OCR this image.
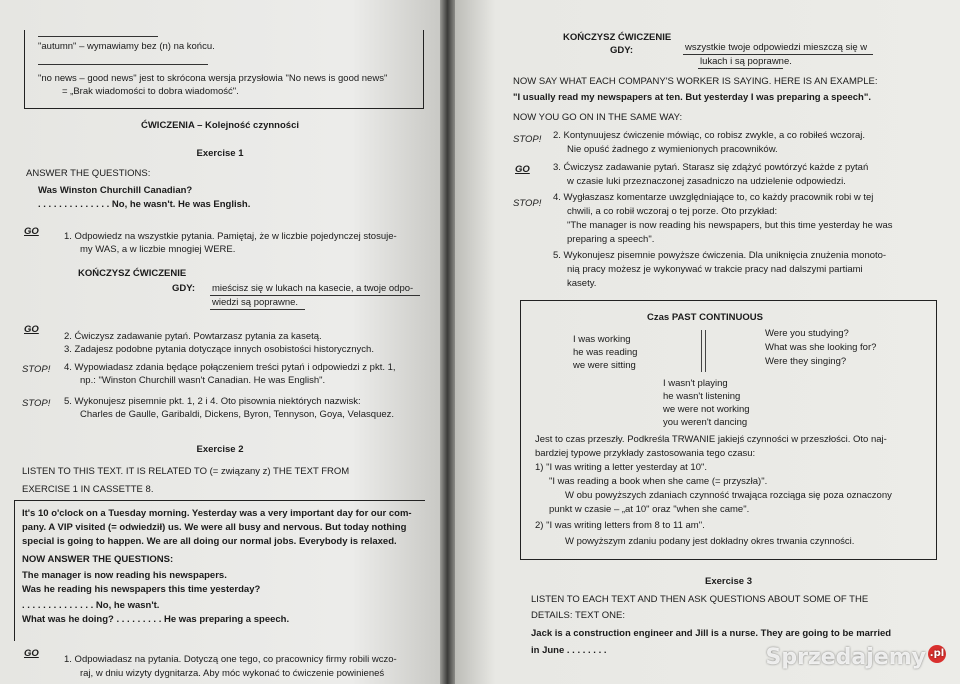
"autumn" – wymawiamy bez (n) na końcu.
"no news – good news" jest to skrócona wersja przysłowia "No news is good news"
= „Brak wiadomości to dobra wiadomość".
ĆWICZENIA – Kolejność czynności
Exercise 1
ANSWER THE QUESTIONS:
Was Winston Churchill Canadian?
. . . . . . . . . . . . . . No, he wasn't. He was English.
GO	1. Odpowiedz na wszystkie pytania. Pamiętaj, że w liczbie pojedynczej stosuje-
my WAS, a w liczbie mnogiej WERE.
KOŃCZYSZ ĆWICZENIE
GDY: mieścisz się w lukach na kasecie, a twoje odpo-
wiedzi są poprawne.
GO
2. Ćwiczysz zadawanie pytań. Powtarzasz pytania za kasetą.
3. Zadajesz podobne pytania dotyczące innych osobistości historycznych.
STOP! 4. Wypowiadasz zdania będące połączeniem treści pytań i odpowiedzi z pkt. 1,
np.: "Winston Churchill wasn't Canadian. He was English".
STOP! 5. Wykonujesz pisemnie pkt. 1, 2 i 4. Oto pisownia niektórych nazwisk:
Charles de Gaulle, Garibaldi, Dickens, Byron, Tennyson, Goya, Velasquez.
Exercise 2
LISTEN TO THIS TEXT. IT IS RELATED TO (= związany z) THE TEXT FROM
EXERCISE 1 IN CASSETTE 8.
It's 10 o'clock on a Tuesday morning. Yesterday was a very important day for our com-
pany. A VIP visited (= odwiedził) us. We were all busy and nervous. But today nothing
special is going to happen. We are all doing our normal jobs. Everybody is relaxed.
NOW ANSWER THE QUESTIONS:
The manager is now reading his newspapers.
Was he reading his newspapers this time yesterday?
. . . . . . . . . . . . . . No, he wasn't.
What was he doing? . . . . . . . . . He was preparing a speech.
GO
1. Odpowiadasz na pytania. Dotyczą one tego, co pracownicy firmy robili wczo-
raj, w dniu wizyty dygnitarza. Aby móc wykonać to ćwiczenie powinieneś
KOŃCZYSZ ĆWICZENIE
GDY:	wszystkie twoje odpowiedzi mieszczą się w
lukach i są poprawne.
NOW SAY WHAT EACH COMPANY'S WORKER IS SAYING. HERE IS AN EXAMPLE:
"I usually read my newspapers at ten. But yesterday I was preparing a speech".
NOW YOU GO ON IN THE SAME WAY:
STOP! 2. Kontynuujesz ćwiczenie mówiąc, co robisz zwykle, a co robiłeś wczoraj.
Nie opuść żadnego z wymienionych pracowników.
GO 3. Ćwiczysz zadawanie pytań. Starasz się zdążyć powtórzyć każde z pytań
w czasie luki przeznaczonej zasadniczo na udzielenie odpowiedzi.
STOP!
4. Wygłaszasz komentarze uwzględniające to, co każdy pracownik robi w tej
chwili, a co robił wczoraj o tej porze. Oto przykład:
"The manager is now reading his newspapers, but this time yesterday he was
preparing a speech".
5. Wykonujesz pisemnie powyższe ćwiczenia. Dla uniknięcia znużenia monoto-
nią pracy możesz je wykonywać w trakcie pracy nad dalszymi partiami
kasety.
Czas PAST CONTINUOUS
I was working
he was reading
we were sitting
Were you studying?
What was she looking for?
Were they singing?
I wasn't playing
he wasn't listening
we were not working
you weren't dancing
Jest to czas przeszły. Podkreśla TRWANIE jakiejś czynności w przeszłości. Oto naj-
bardziej typowe przykłady zastosowania tego czasu:
1) "I was writing a letter yesterday at 10".
"I was reading a book when she came (= przyszła)".
W obu powyższych zdaniach czynność trwająca rozciąga się poza oznaczony
punkt w czasie – „at 10" oraz "when she came".
2) "I was writing letters from 8 to 11 am".
W powyższym zdaniu podany jest dokładny okres trwania czynności.
Exercise 3
LISTEN TO EACH TEXT AND THEN ASK QUESTIONS ABOUT SOME OF THE
DETAILS: TEXT ONE:
Jack is a construction engineer and Jill is a nurse. They are going to be married
in June . . . . . . . .	Sprzedajemy .pl
